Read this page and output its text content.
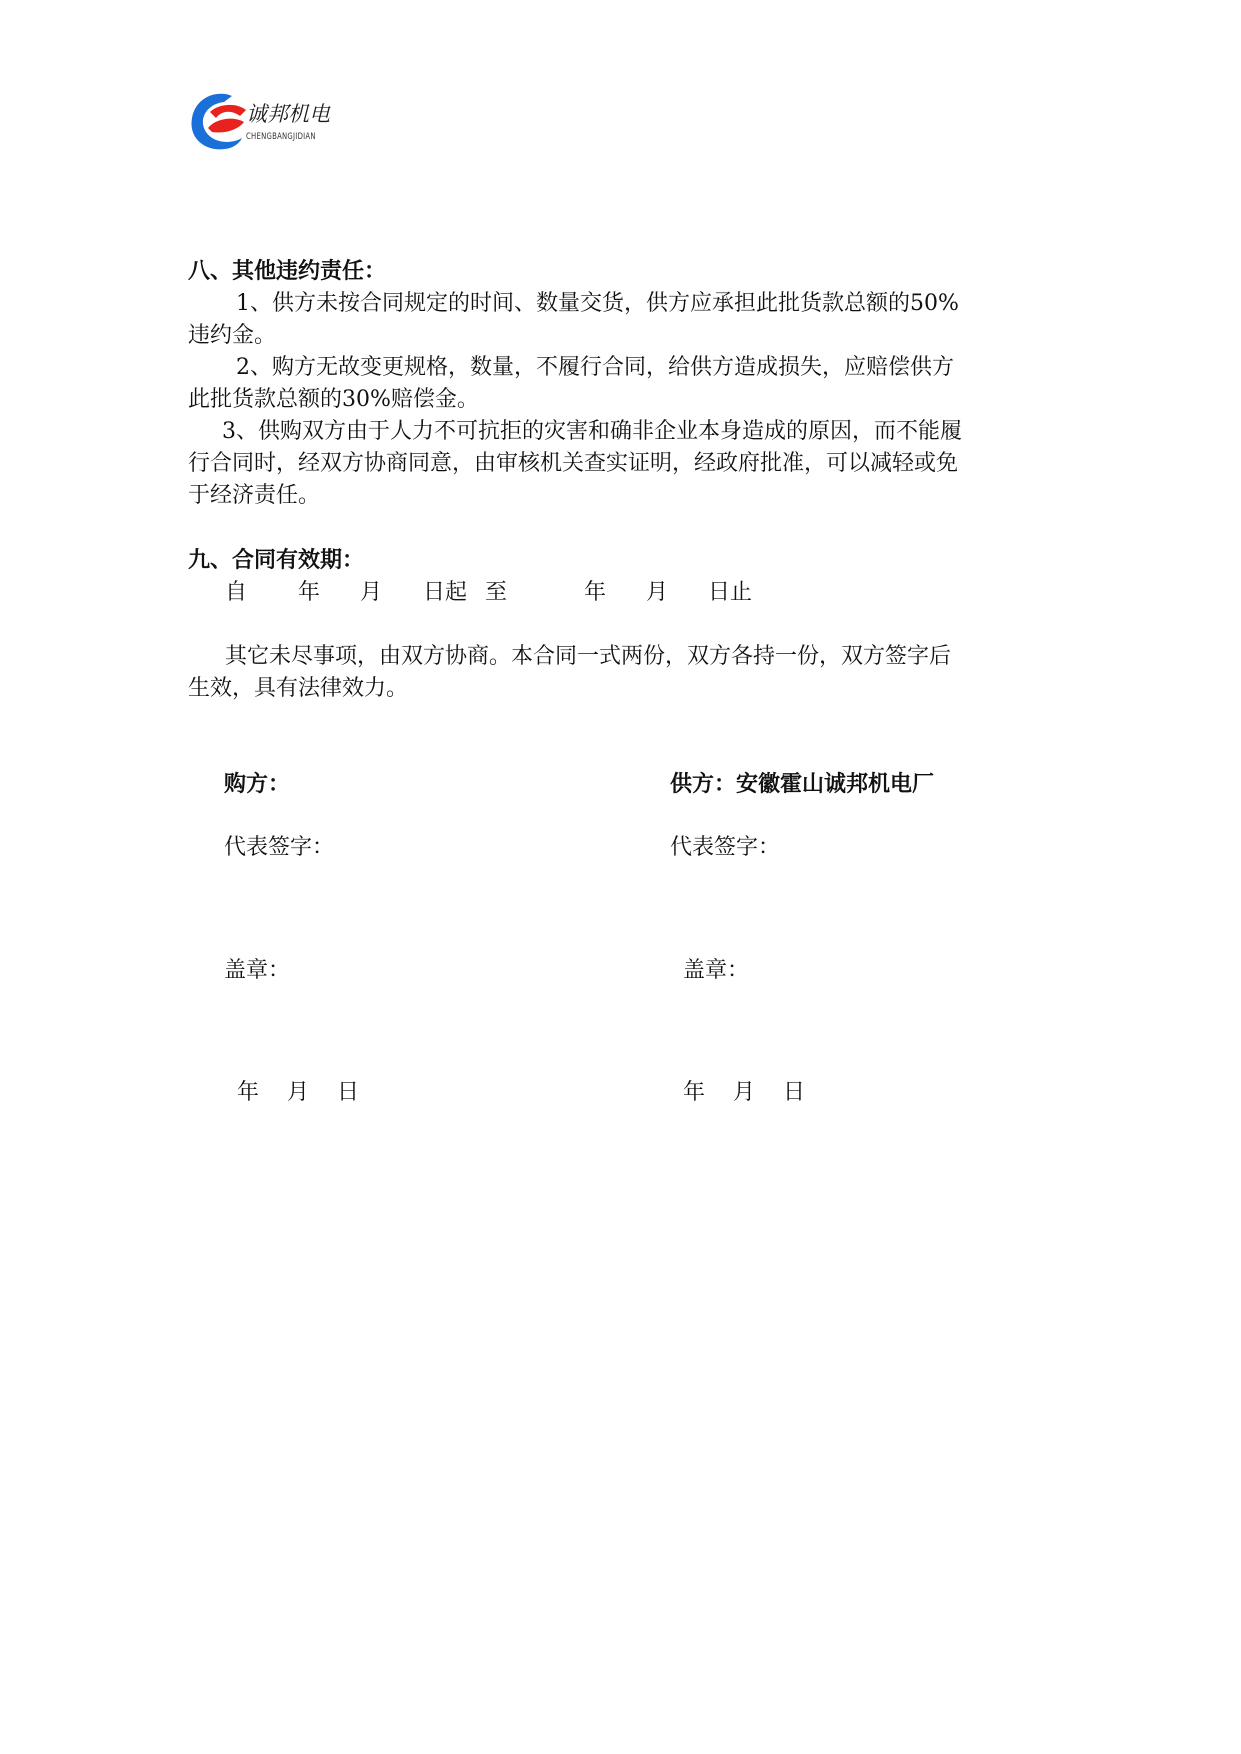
诚邦机电
CHENGBANGJIDIAN

八、其他违约责任：

1、供方未按合同规定的时间、数量交货，供方应承担此批货款总额的50%

违约金。

2、购方无故变更规格，数量，不履行合同，给供方造成损失，应赔偿供方

此批货款总额的30%赔偿金。

3、供购双方由于人力不可抗拒的灾害和确非企业本身造成的原因，而不能履

行合同时，经双方协商同意，由审核机关查实证明，经政府批准，可以减轻或免

于经济责任。

九、合同有效期：

自 年 月 日起 至	年 月 日止

其它未尽事项，由双方协商。本合同一式两份，双方各持一份，双方签字后

生效，具有法律效力。

购方：

代表签字：

盖章：

年 月 日

供方：安徽霍山诚邦机电厂

代表签字：

盖章：

年 月 日
